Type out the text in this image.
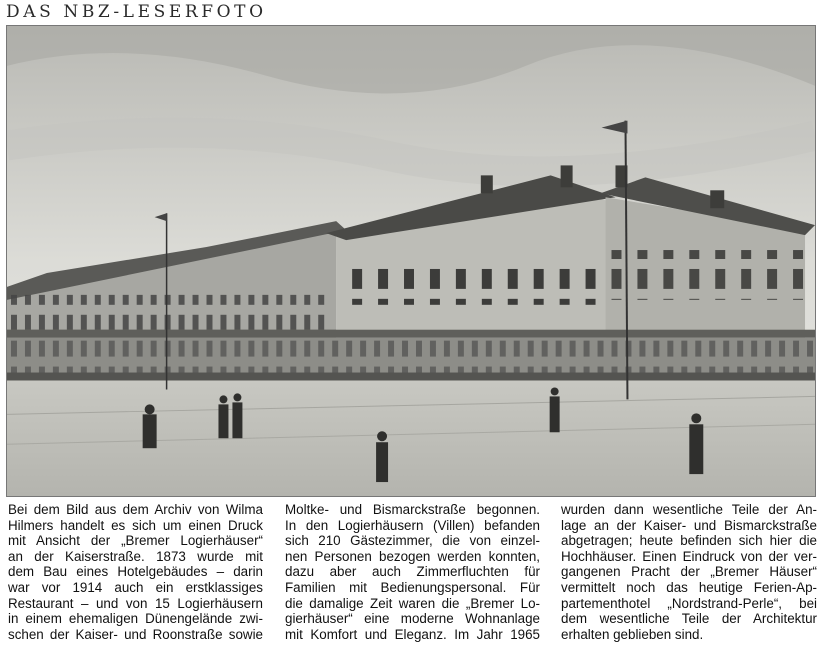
DAS NBZ-LESERFOTO
Bei dem Bild aus dem Archiv von Wilma
Hilmers handelt es sich um einen Druck
mit Ansicht der „Bremer Logierhäuser“
an der Kaiserstraße. 1873 wurde mit
dem Bau eines Hotelgebäudes – darin
war vor 1914 auch ein erstklassiges
Restaurant – und von 15 Logierhäusern
in einem ehemaligen Dünengelände zwi-
schen der Kaiser- und Roonstraße sowie
Moltke- und Bismarckstraße begonnen.
In den Logierhäusern (Villen) befanden
sich 210 Gästezimmer, die von einzel-
nen Personen bezogen werden konnten,
dazu aber auch Zimmerfluchten für
Familien mit Bedienungspersonal. Für
die damalige Zeit waren die „Bremer Lo-
gierhäuser“ eine moderne Wohnanlage
mit Komfort und Eleganz. Im Jahr 1965
wurden dann wesentliche Teile der An-
lage an der Kaiser- und Bismarckstraße
abgetragen; heute befinden sich hier die
Hochhäuser. Einen Eindruck von der ver-
gangenen Pracht der „Bremer Häuser“
vermittelt noch das heutige Ferien-Ap-
partementhotel „Nordstrand-Perle“, bei
dem wesentliche Teile der Architektur
erhalten geblieben sind.
